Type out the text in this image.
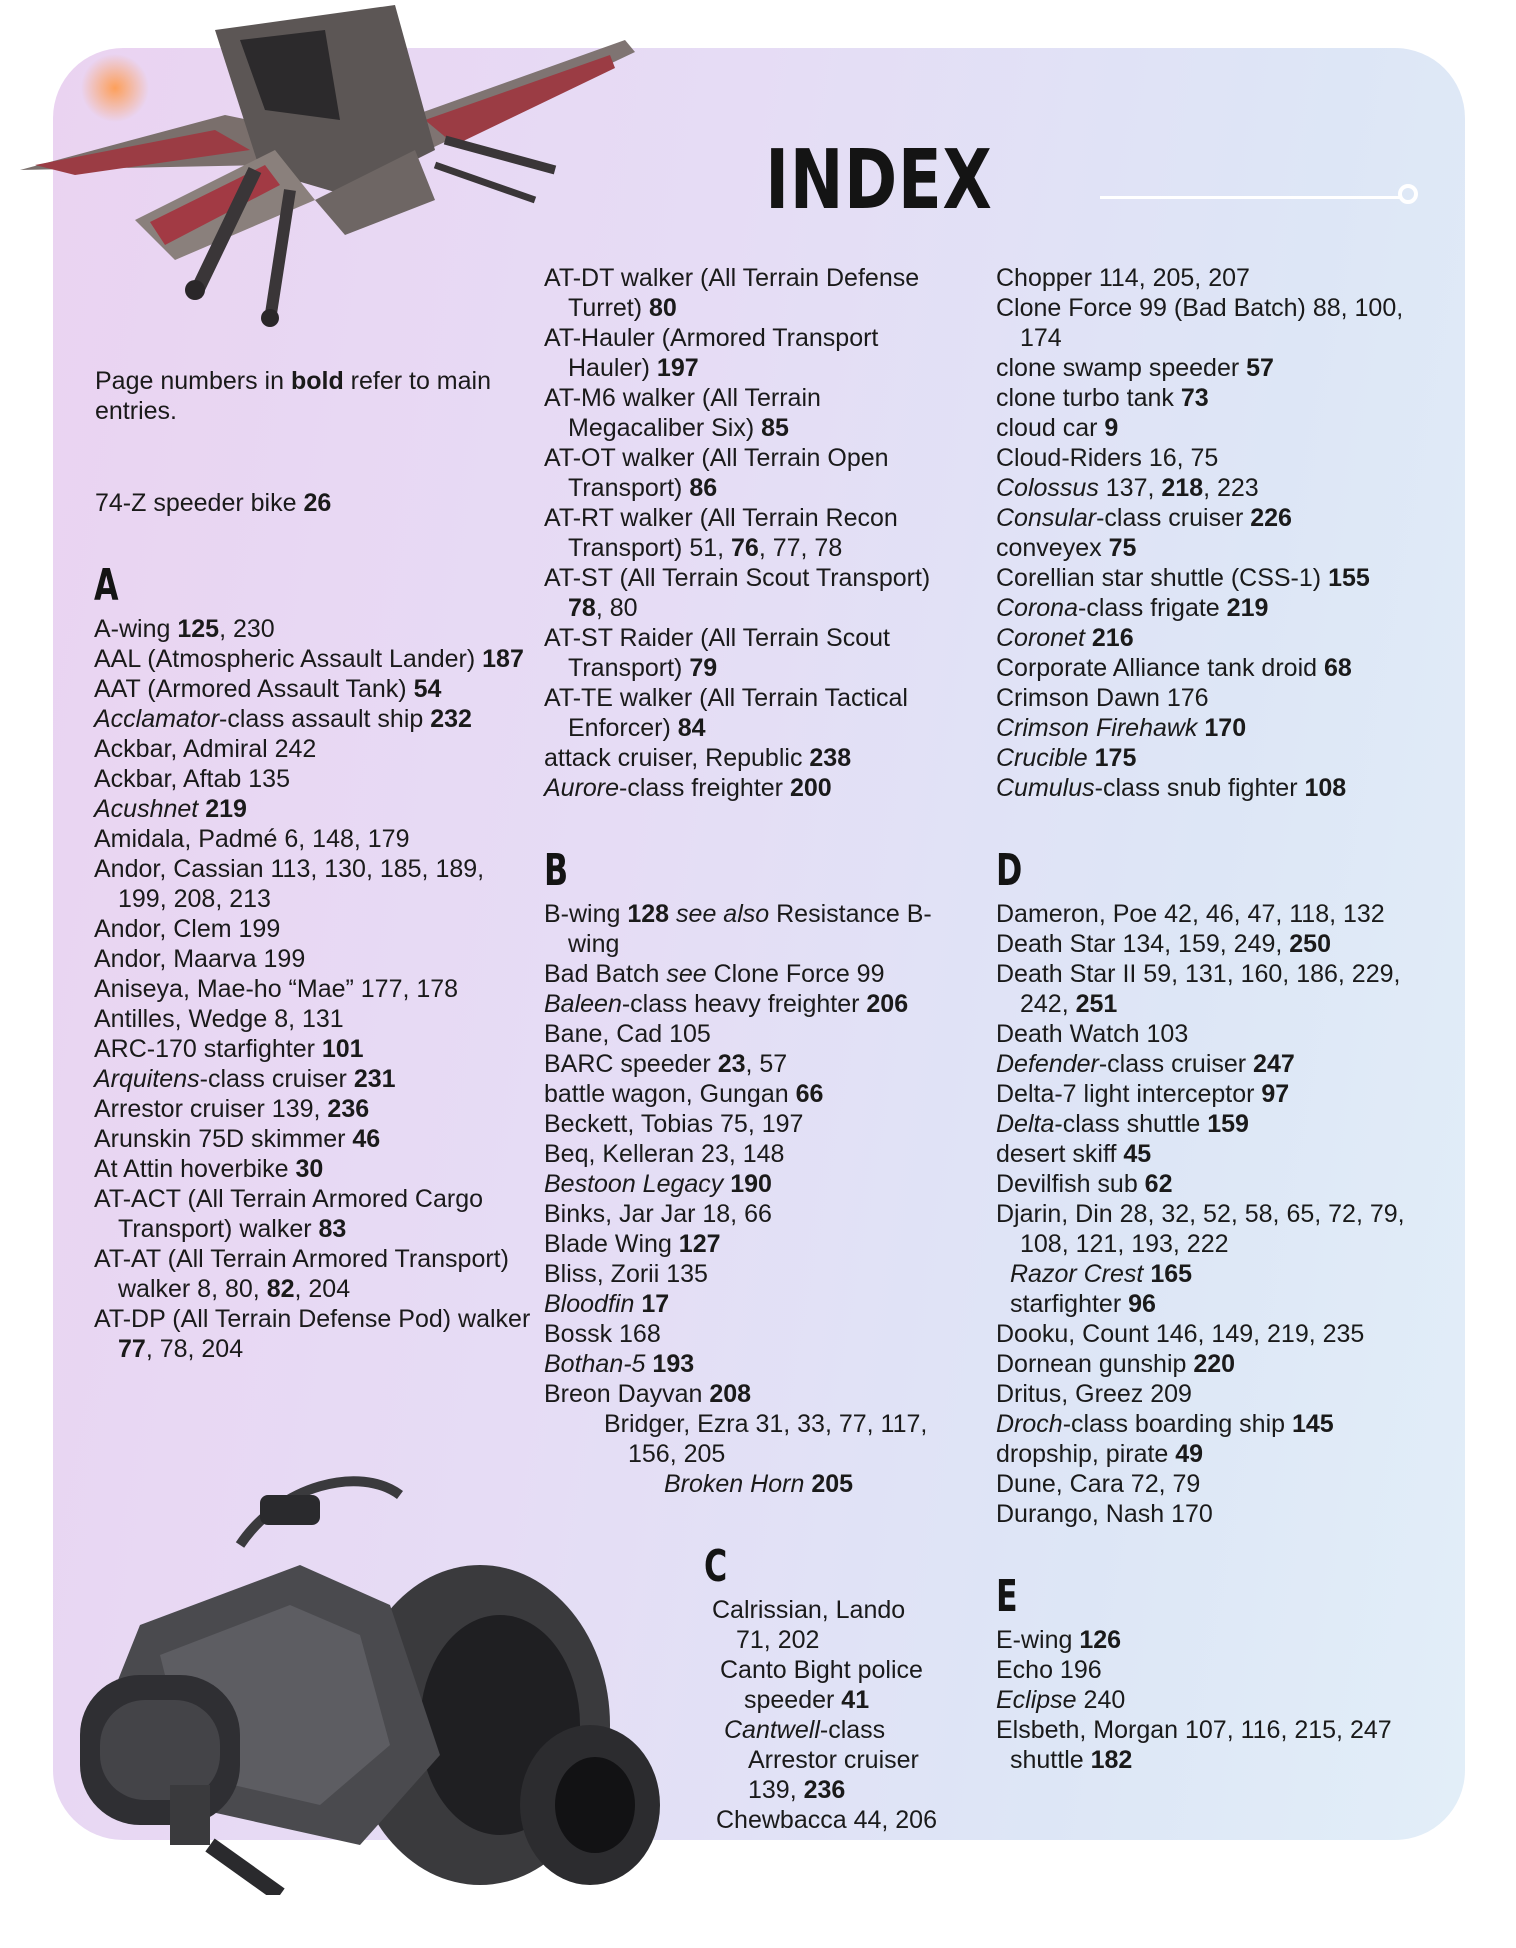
INDEX
Page numbers in bold refer to main entries.
74-Z speeder bike 26
A
A-wing 125, 230
AAL (Atmospheric Assault Lander) 187
AAT (Armored Assault Tank) 54
Acclamator-class assault ship 232
Ackbar, Admiral 242
Ackbar, Aftab 135
Acushnet 219
Amidala, Padmé 6, 148, 179
Andor, Cassian 113, 130, 185, 189, 199, 208, 213
Andor, Clem 199
Andor, Maarva 199
Aniseya, Mae-ho “Mae” 177, 178
Antilles, Wedge 8, 131
ARC-170 starfighter 101
Arquitens-class cruiser 231
Arrestor cruiser 139, 236
Arunskin 75D skimmer 46
At Attin hoverbike 30
AT-ACT (All Terrain Armored Cargo Transport) walker 83
AT-AT (All Terrain Armored Transport) walker 8, 80, 82, 204
AT-DP (All Terrain Defense Pod) walker 77, 78, 204
AT-DT walker (All Terrain Defense Turret) 80
AT-Hauler (Armored Transport Hauler) 197
AT-M6 walker (All Terrain Megacaliber Six) 85
AT-OT walker (All Terrain Open Transport) 86
AT-RT walker (All Terrain Recon Transport) 51, 76, 77, 78
AT-ST (All Terrain Scout Transport) 78, 80
AT-ST Raider (All Terrain Scout Transport) 79
AT-TE walker (All Terrain Tactical Enforcer) 84
attack cruiser, Republic 238
Aurore-class freighter 200
B
B-wing 128 see also Resistance B-wing
Bad Batch see Clone Force 99
Baleen-class heavy freighter 206
Bane, Cad 105
BARC speeder 23, 57
battle wagon, Gungan 66
Beckett, Tobias 75, 197
Beq, Kelleran 23, 148
Bestoon Legacy 190
Binks, Jar Jar 18, 66
Blade Wing 127
Bliss, Zorii 135
Bloodfin 17
Bossk 168
Bothan-5 193
Breon Dayvan 208
Bridger, Ezra 31, 33, 77, 117, 156, 205
Broken Horn 205
C
Calrissian, Lando 71, 202
Canto Bight police speeder 41
Cantwell-class Arrestor cruiser 139, 236
Chewbacca 44, 206
Chopper 114, 205, 207
Clone Force 99 (Bad Batch) 88, 100, 174
clone swamp speeder 57
clone turbo tank 73
cloud car 9
Cloud-Riders 16, 75
Colossus 137, 218, 223
Consular-class cruiser 226
conveyex 75
Corellian star shuttle (CSS-1) 155
Corona-class frigate 219
Coronet 216
Corporate Alliance tank droid 68
Crimson Dawn 176
Crimson Firehawk 170
Crucible 175
Cumulus-class snub fighter 108
D
Dameron, Poe 42, 46, 47, 118, 132
Death Star 134, 159, 249, 250
Death Star II 59, 131, 160, 186, 229, 242, 251
Death Watch 103
Defender-class cruiser 247
Delta-7 light interceptor 97
Delta-class shuttle 159
desert skiff 45
Devilfish sub 62
Djarin, Din 28, 32, 52, 58, 65, 72, 79, 108, 121, 193, 222
Razor Crest 165
starfighter 96
Dooku, Count 146, 149, 219, 235
Dornean gunship 220
Dritus, Greez 209
Droch-class boarding ship 145
dropship, pirate 49
Dune, Cara 72, 79
Durango, Nash 170
E
E-wing 126
Echo 196
Eclipse 240
Elsbeth, Morgan 107, 116, 215, 247
shuttle 182
